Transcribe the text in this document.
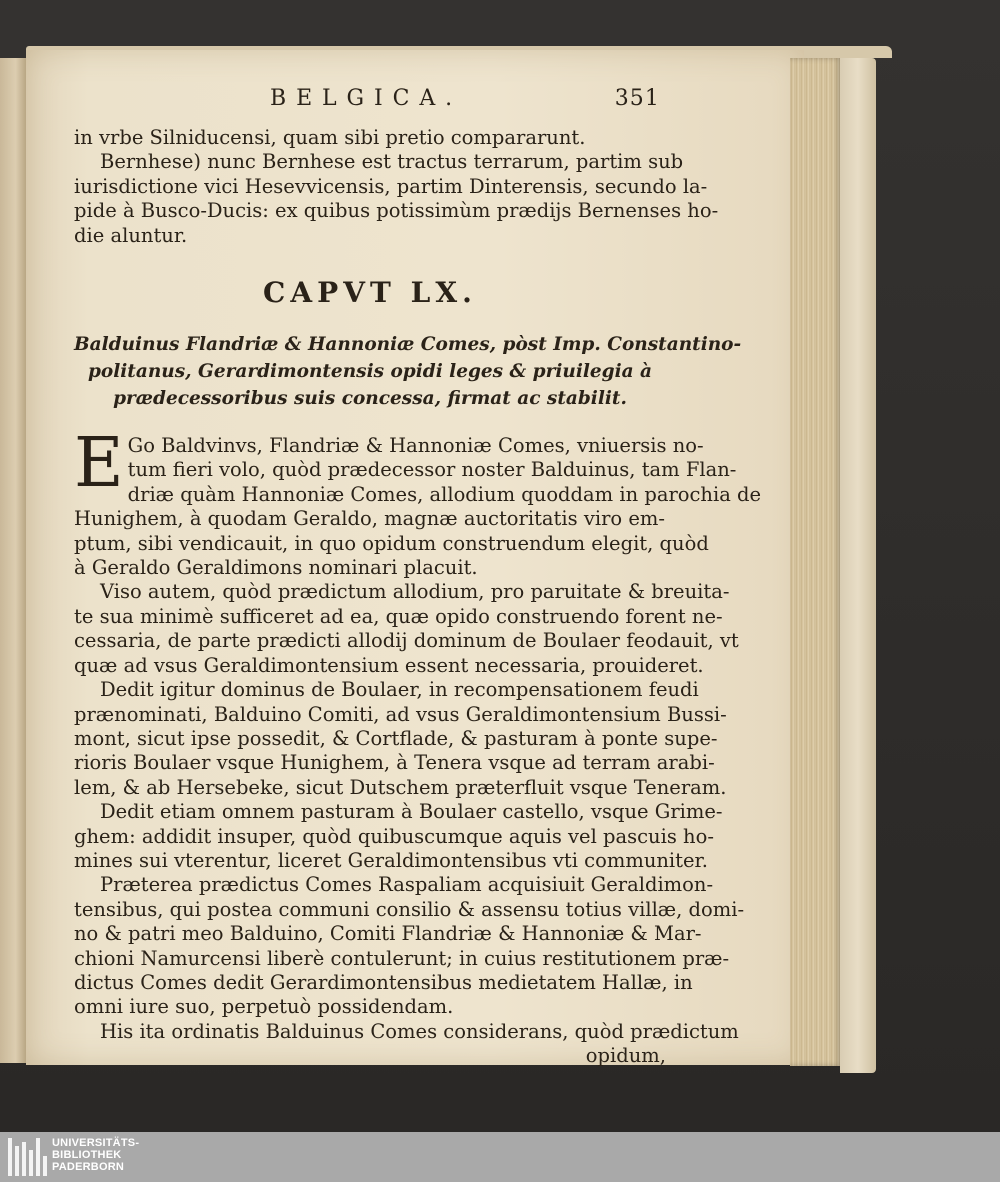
BELGICA.	351

in vrbe Silniducensi, quam sibi pretio compararunt.
Bernhese) nunc Bernhese est tractus terrarum, partim sub
iurisdictione vici Hesevvicensis, partim Dinterensis, secundo la-
pide à Busco-Ducis: ex quibus potissimùm prædijs Bernenses ho-
die aluntur.

CAPVT LX.
Balduinus Flandriæ & Hannoniæ Comes, pòst Imp. Constantino-
politanus, Gerardimontensis opidi leges & priuilegia à
prædecessoribus suis concessa, firmat ac stabilit.

E Go Baldvinvs, Flandriæ & Hannoniæ Comes, vniuersis no-
tum fieri volo, quòd prædecessor noster Balduinus, tam Flan-
driæ quàm Hannoniæ Comes, allodium quoddam in parochia de
Hunighem, à quodam Geraldo, magnæ auctoritatis viro em-
ptum, sibi vendicauit, in quo opidum construendum elegit, quòd
à Geraldo Geraldimons nominari placuit.
Viso autem, quòd prædictum allodium, pro paruitate & breuita-
te sua minimè sufficeret ad ea, quæ opido construendo forent ne-
cessaria, de parte prædicti allodij dominum de Boulaer feodauit, vt
quæ ad vsus Geraldimontensium essent necessaria, prouideret.
Dedit igitur dominus de Boulaer, in recompensationem feudi
prænominati, Balduino Comiti, ad vsus Geraldimontensium Bussi-
mont, sicut ipse possedit, & Cortflade, & pasturam à ponte supe-
rioris Boulaer vsque Hunighem, à Tenera vsque ad terram arabi-
lem, & ab Hersebeke, sicut Dutschem præterfluit vsque Teneram.
Dedit etiam omnem pasturam à Boulaer castello, vsque Grime-
ghem: addidit insuper, quòd quibuscumque aquis vel pascuis ho-
mines sui vterentur, liceret Geraldimontensibus vti communiter.
Præterea prædictus Comes Raspaliam acquisiuit Geraldimon-
tensibus, qui postea communi consilio & assensu totius villæ, domi-
no & patri meo Balduino, Comiti Flandriæ & Hannoniæ & Mar-
chioni Namurcensi liberè contulerunt; in cuius restitutionem præ-
dictus Comes dedit Gerardimontensibus medietatem Hallæ, in
omni iure suo, perpetuò possidendam.
His ita ordinatis Balduinus Comes considerans, quòd prædictum
opidum,

UNIVERSITÄTS-
BIBLIOTHEK
PADERBORN
